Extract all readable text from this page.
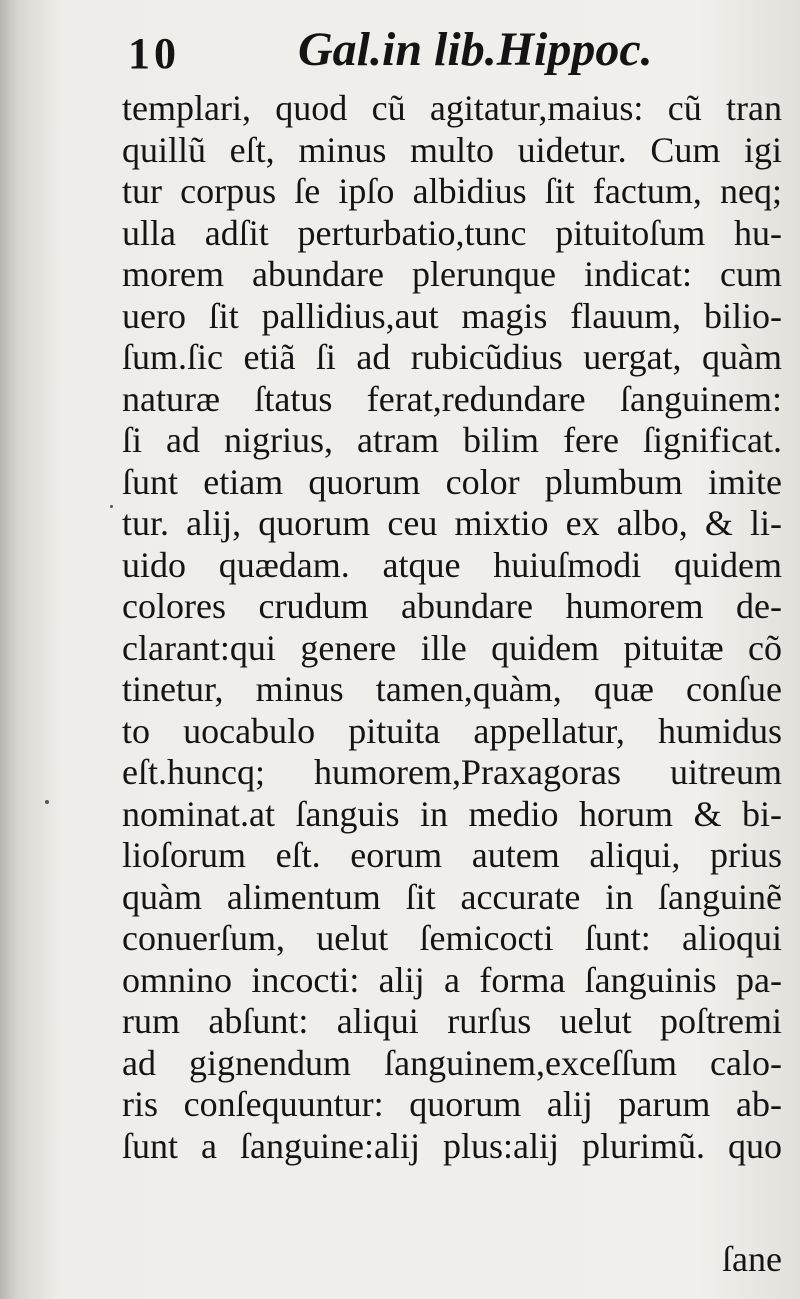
10 Gal.in lib.Hippoc.
templari, quod cũ agitatur,maius: cũ tran
quillũ eſt, minus multo uidetur. Cum igi
tur corpus ſe ipſo albidius ſit factum, neq;
ulla adſit perturbatio,tunc pituitoſum hu-
morem abundare plerunque indicat: cum
uero ſit pallidius,aut magis flauum, bilio-
ſum.ſic etiã ſi ad rubicũdius uergat, quàm
naturæ ſtatus ferat,redundare ſanguinem:
ſi ad nigrius, atram bilim fere ſignificat.
ſunt etiam quorum color plumbum imite
tur. alij, quorum ceu mixtio ex albo, & li-
uido quædam. atque huiuſmodi quidem
colores crudum abundare humorem de-
clarant:qui genere ille quidem pituitæ cõ
tinetur, minus tamen,quàm, quæ conſue
to uocabulo pituita appellatur, humidus
eſt.huncq; humorem,Praxagoras uitreum
nominat.at ſanguis in medio horum & bi-
lioſorum eſt. eorum autem aliqui, prius
quàm alimentum ſit accurate in ſanguinẽ
conuerſum, uelut ſemicocti ſunt: alioqui
omnino incocti: alij a forma ſanguinis pa-
rum abſunt: aliqui rurſus uelut poſtremi
ad gignendum ſanguinem,exceſſum calo-
ris conſequuntur: quorum alij parum ab-
ſunt a ſanguine:alij plus:alij plurimũ. quo
ſane
